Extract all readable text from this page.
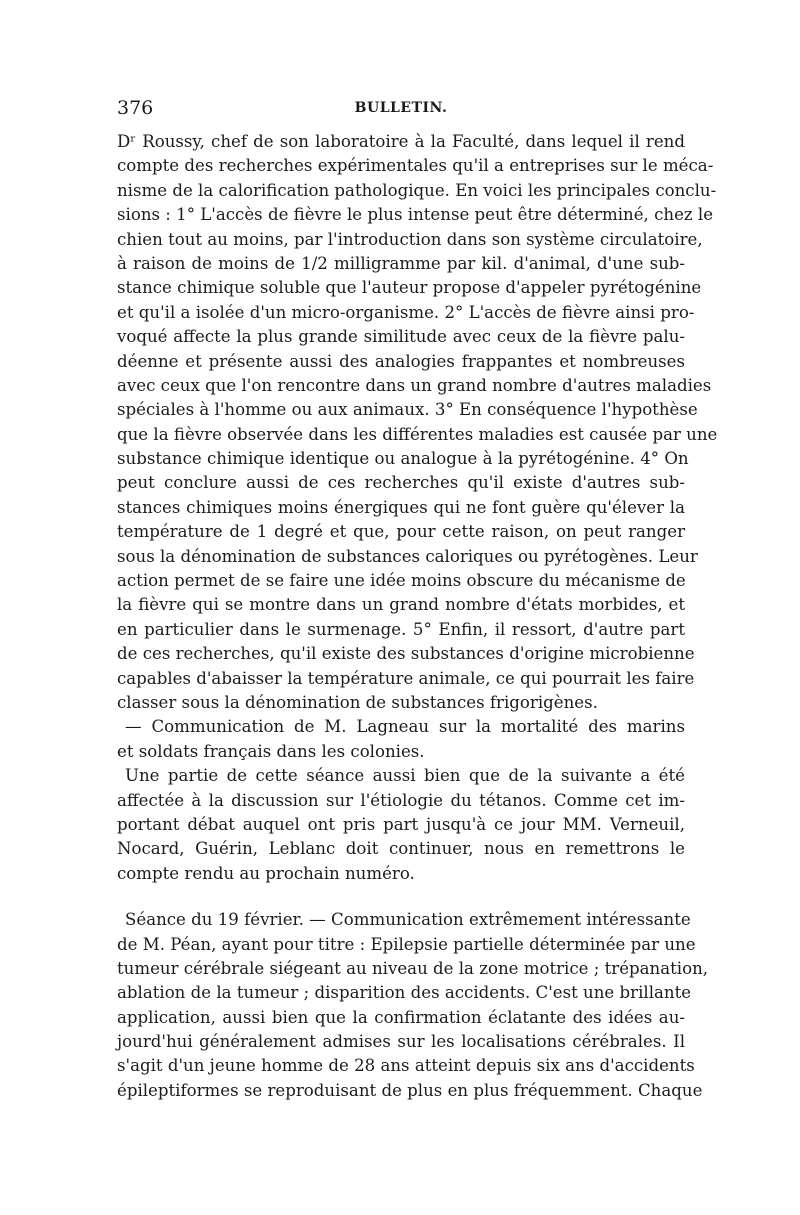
376	BULLETIN.
Dʳ Roussy, chef de son laboratoire à la Faculté, dans lequel il rend
compte des recherches expérimentales qu'il a entreprises sur le méca-
nisme de la calorification pathologique. En voici les principales conclu-
sions : 1° L'accès de fièvre le plus intense peut être déterminé, chez le
chien tout au moins, par l'introduction dans son système circulatoire,
à raison de moins de 1/2 milligramme par kil. d'animal, d'une sub-
stance chimique soluble que l'auteur propose d'appeler pyrétogénine
et qu'il a isolée d'un micro-organisme. 2° L'accès de fièvre ainsi pro-
voqué affecte la plus grande similitude avec ceux de la fièvre palu-
déenne et présente aussi des analogies frappantes et nombreuses
avec ceux que l'on rencontre dans un grand nombre d'autres maladies
spéciales à l'homme ou aux animaux. 3° En conséquence l'hypothèse
que la fièvre observée dans les différentes maladies est causée par une
substance chimique identique ou analogue à la pyrétogénine. 4° On
peut conclure aussi de ces recherches qu'il existe d'autres sub-
stances chimiques moins énergiques qui ne font guère qu'élever la
température de 1 degré et que, pour cette raison, on peut ranger
sous la dénomination de substances caloriques ou pyrétogènes. Leur
action permet de se faire une idée moins obscure du mécanisme de
la fièvre qui se montre dans un grand nombre d'états morbides, et
en particulier dans le surmenage. 5° Enfin, il ressort, d'autre part
de ces recherches, qu'il existe des substances d'origine microbienne
capables d'abaisser la température animale, ce qui pourrait les faire
classer sous la dénomination de substances frigorigènes.
— Communication de M. Lagneau sur la mortalité des marins
et soldats français dans les colonies.
Une partie de cette séance aussi bien que de la suivante a été
affectée à la discussion sur l'étiologie du tétanos. Comme cet im-
portant débat auquel ont pris part jusqu'à ce jour MM. Verneuil,
Nocard, Guérin, Leblanc doit continuer, nous en remettrons le
compte rendu au prochain numéro.
Séance du 19 février. — Communication extrêmement intéressante
de M. Péan, ayant pour titre : Epilepsie partielle déterminée par une
tumeur cérébrale siégeant au niveau de la zone motrice ; trépanation,
ablation de la tumeur ; disparition des accidents. C'est une brillante
application, aussi bien que la confirmation éclatante des idées au-
jourd'hui généralement admises sur les localisations cérébrales. Il
s'agit d'un jeune homme de 28 ans atteint depuis six ans d'accidents
épileptiformes se reproduisant de plus en plus fréquemment. Chaque
